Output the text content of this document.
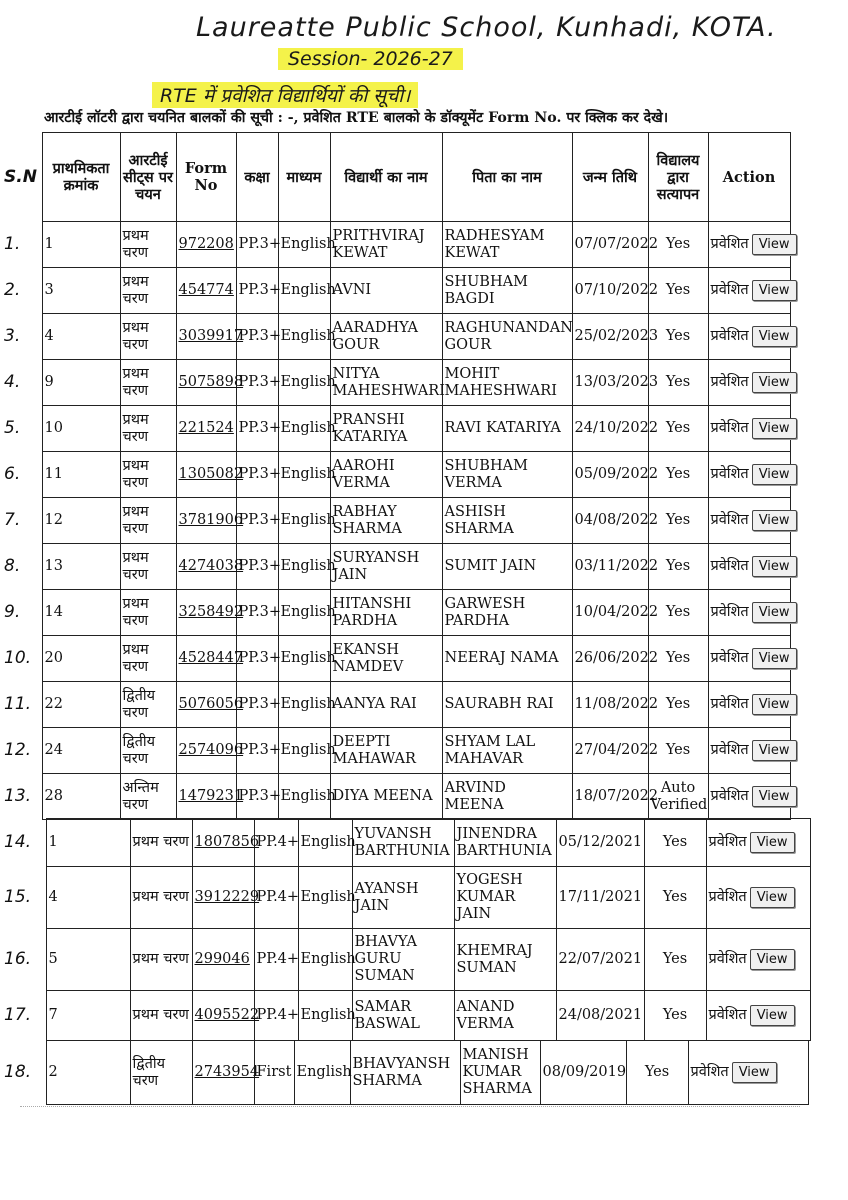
Laureatte Public School, Kunhadi, KOTA.
Session- 2026-27
RTE में प्रवेशित विद्यार्थियों की सूची।
आरटीई लॉटरी द्वारा चयनित बालकों की सूची : -, प्रवेशित RTE बालको के डॉक्यूमेंट Form No. पर क्लिक कर देखे।
S.N	प्राथमिकता क्रमांक	आरटीई सीट्स पर चयन	Form No	कक्षा	माध्यम	विद्यार्थी का नाम	पिता का नाम	जन्म तिथि	विद्यालय द्वारा सत्यापन	Action
1.	1	प्रथम चरण	972208	PP.3+	English	PRITHVIRAJ KEWAT	RADHESYAM KEWAT	07/07/2022	Yes	प्रवेशित View
2.	3	प्रथम चरण	454774	PP.3+	English	AVNI	SHUBHAM BAGDI	07/10/2022	Yes	प्रवेशित View
3.	4	प्रथम चरण	3039917	PP.3+	English	AARADHYA GOUR	RAGHUNANDAN GOUR	25/02/2023	Yes	प्रवेशित View
4.	9	प्रथम चरण	5075898	PP.3+	English	NITYA MAHESHWARI	MOHIT MAHESHWARI	13/03/2023	Yes	प्रवेशित View
5.	10	प्रथम चरण	221524	PP.3+	English	PRANSHI KATARIYA	RAVI KATARIYA	24/10/2022	Yes	प्रवेशित View
6.	11	प्रथम चरण	1305082	PP.3+	English	AAROHI VERMA	SHUBHAM VERMA	05/09/2022	Yes	प्रवेशित View
7.	12	प्रथम चरण	3781906	PP.3+	English	RABHAY SHARMA	ASHISH SHARMA	04/08/2022	Yes	प्रवेशित View
8.	13	प्रथम चरण	4274038	PP.3+	English	SURYANSH JAIN	SUMIT JAIN	03/11/2022	Yes	प्रवेशित View
9.	14	प्रथम चरण	3258492	PP.3+	English	HITANSHI PARDHA	GARWESH PARDHA	10/04/2022	Yes	प्रवेशित View
10.	20	प्रथम चरण	4528447	PP.3+	English	EKANSH NAMDEV	NEERAJ NAMA	26/06/2022	Yes	प्रवेशित View
11.	22	द्वितीय चरण	5076056	PP.3+	English	AANYA RAI	SAURABH RAI	11/08/2022	Yes	प्रवेशित View
12.	24	द्वितीय चरण	2574096	PP.3+	English	DEEPTI MAHAWAR	SHYAM LAL MAHAVAR	27/04/2022	Yes	प्रवेशित View
13.	28	अन्तिम चरण	1479231	PP.3+	English	DIYA MEENA	ARVIND MEENA	18/07/2022	Auto Verified	प्रवेशित View
14.	1	प्रथम चरण	1807856	PP.4+	English	YUVANSH BARTHUNIA	JINENDRA BARTHUNIA	05/12/2021	Yes	प्रवेशित View
15.	4	प्रथम चरण	3912229	PP.4+	English	AYANSH JAIN	YOGESH KUMAR JAIN	17/11/2021	Yes	प्रवेशित View
16.	5	प्रथम चरण	299046	PP.4+	English	BHAVYA GURU SUMAN	KHEMRAJ SUMAN	22/07/2021	Yes	प्रवेशित View
17.	7	प्रथम चरण	4095522	PP.4+	English	SAMAR BASWAL	ANAND VERMA	24/08/2021	Yes	प्रवेशित View
18.	2	द्वितीय चरण	2743954	First	English	BHAVYANSH SHARMA	MANISH KUMAR SHARMA	08/09/2019	Yes	प्रवेशित View
